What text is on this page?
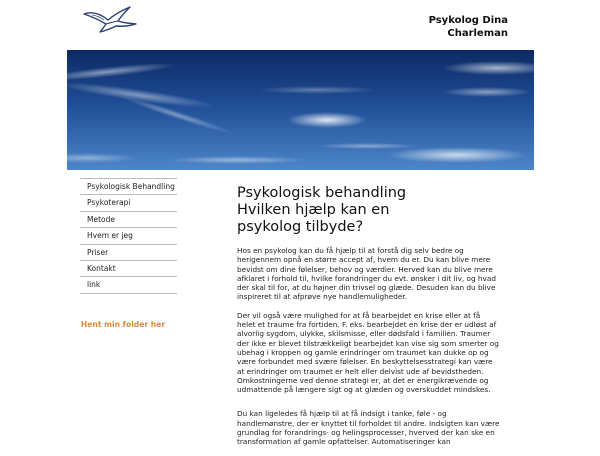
Psykolog Dina
Charleman
Psykologisk Behandling
Psykoterapi
Metode
Hvem er jeg
Priser
Kontakt
link
Hent min folder her
Psykologisk behandling
Hvilken hjælp kan en
psykolog tilbyde?

Hos en psykolog kan du få hjælp til at forstå dig selv bedre og herigennem opnå en større accept af, hvem du er. Du kan blive mere bevidst om dine følelser, behov og værdier. Herved kan du blive mere afklaret i forhold til, hvilke forandringer du evt. ønsker i dit liv, og hvad der skal til for, at du højner din trivsel og glæde. Desuden kan du blive inspireret til at afprøve nye handlemuligheder.

Der vil også være mulighed for at få bearbejdet en krise eller at få helet et traume fra fortiden. F. eks. bearbejdet en krise der er udløst af alvorlig sygdom, ulykke, skilsmisse, eller dødsfald i familien. Traumer der ikke er blevet tilstrækkeligt bearbejdet kan vise sig som smerter og ubehag i kroppen og gamle erindringer om traumet kan dukke op og være forbundet med svære følelser. En beskyttelsesstrategi kan være at erindringer om traumet er helt eller delvist ude af bevidstheden. Omkostningerne ved denne strategi er, at det er energikrævende og udmattende på længere sigt og at glæden og overskuddet mindskes.

Du kan ligeledes få hjælp til at få indsigt i tanke, føle - og handlemønstre, der er knyttet til forholdet til andre. Indsigten kan være grundlag for forandrings- og helingsprocesser, hverved der kan ske en transformation af gamle opfattelser. Automatiseringer kan
